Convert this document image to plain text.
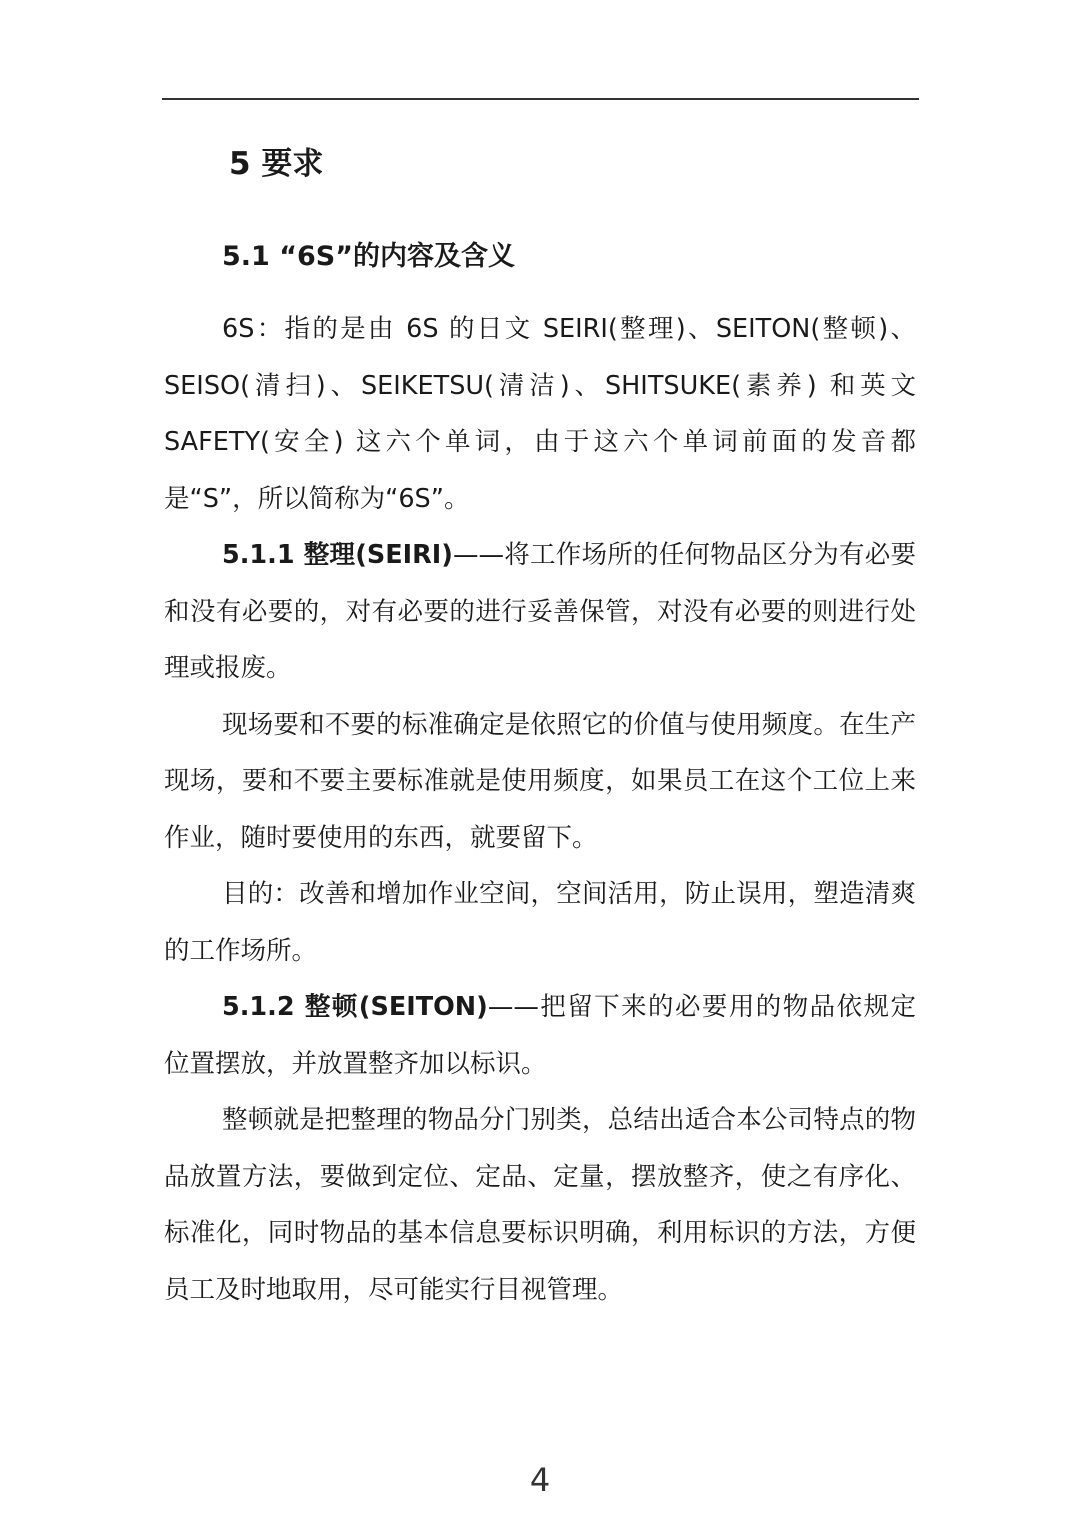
5 要求
5.1 “6S”的内容及含义

6S：指的是由 6S 的日文 SEIRI(整理)、SEITON(整顿)、SEISO(清扫)、SEIKETSU(清洁)、SHITSUKE(素养) 和英文 SAFETY(安全) 这六个单词，由于这六个单词前面的发音都是“S”，所以简称为“6S”。

5.1.1 整理(SEIRI)——将工作场所的任何物品区分为有必要和没有必要的，对有必要的进行妥善保管，对没有必要的则进行处理或报废。

现场要和不要的标准确定是依照它的价值与使用频度。在生产现场，要和不要主要标准就是使用频度，如果员工在这个工位上来作业，随时要使用的东西，就要留下。

目的：改善和增加作业空间，空间活用，防止误用，塑造清爽的工作场所。

5.1.2 整顿(SEITON)——把留下来的必要用的物品依规定位置摆放，并放置整齐加以标识。

整顿就是把整理的物品分门别类，总结出适合本公司特点的物品放置方法，要做到定位、定品、定量，摆放整齐，使之有序化、标准化，同时物品的基本信息要标识明确，利用标识的方法，方便员工及时地取用，尽可能实行目视管理。

4
